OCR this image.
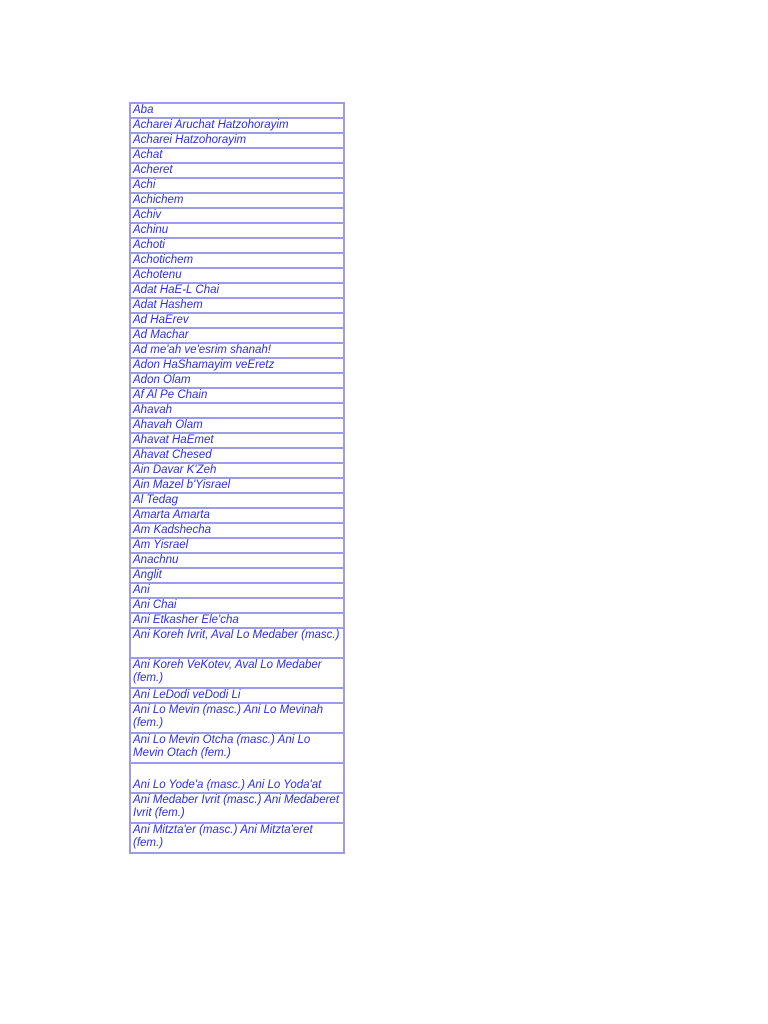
Aba
Acharei Aruchat Hatzohorayim
Acharei Hatzohorayim
Achat
Acheret
Achi
Achichem
Achiv
Achinu
Achoti
Achotichem
Achotenu
Adat HaE-L Chai
Adat Hashem
Ad HaErev
Ad Machar
Ad me'ah ve'esrim shanah!
Adon HaShamayim veEretz
Adon Olam
Af Al Pe Chain
Ahavah
Ahavah Olam
Ahavat HaEmet
Ahavat Chesed
Ain Davar K'Zeh
Ain Mazel b'Yisrael
Al Tedag
Amarta Amarta
Am Kadshecha
Am Yisrael
Anachnu
Anglit
Ani
Ani Chai
Ani Etkasher Ele'cha
Ani Koreh Ivrit, Aval Lo Medaber (masc.)
Ani Koreh VeKotev, Aval Lo Medaber (fem.)
Ani LeDodi veDodi Li
Ani Lo Mevin (masc.) Ani Lo Mevinah (fem.)
Ani Lo Mevin Otcha (masc.) Ani Lo Mevin Otach (fem.)
Ani Lo Yode'a (masc.) Ani Lo Yoda'at
Ani Medaber Ivrit (masc.) Ani Medaberet Ivrit (fem.)
Ani Mitzta'er (masc.) Ani Mitzta'eret (fem.)
